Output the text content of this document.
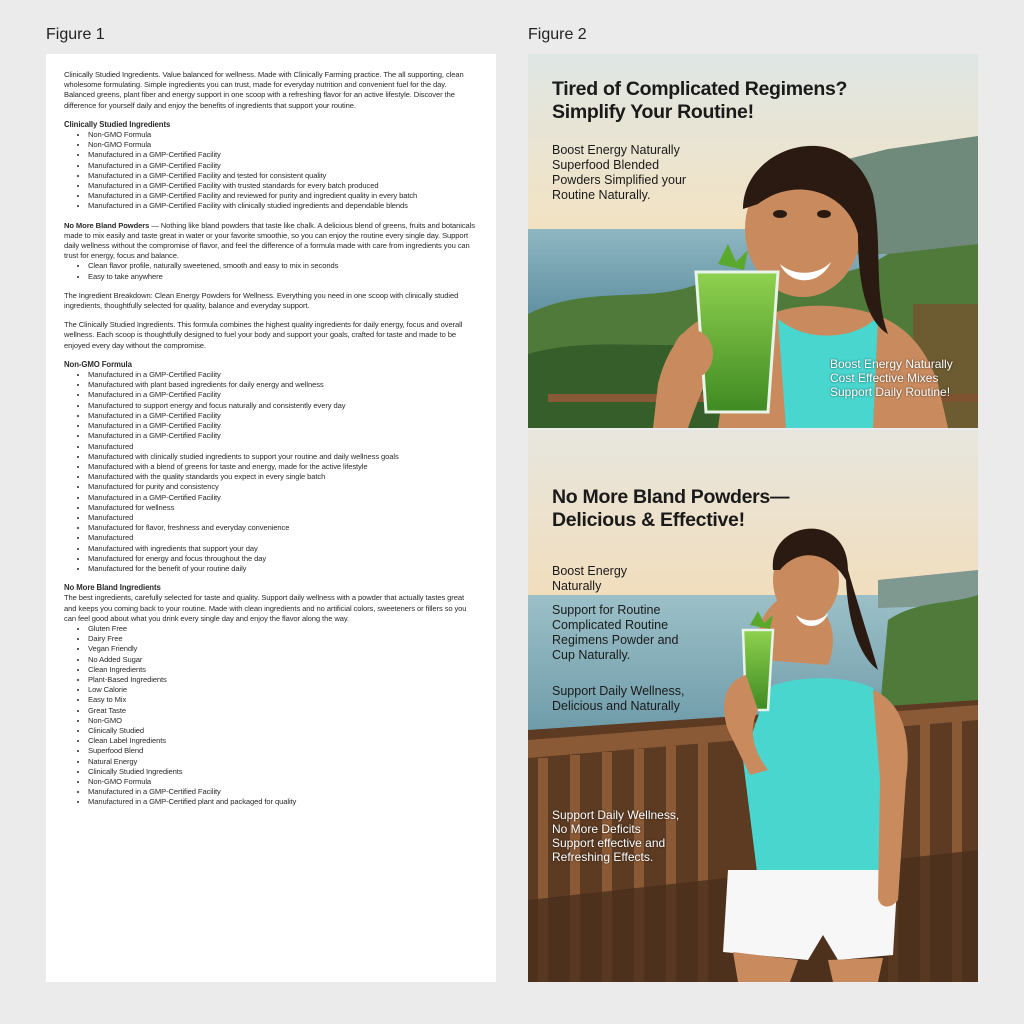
Figure 1	Figure 2

Clinically Studied Ingredients. Value balanced for wellness. Made with Clinically Farming practice. The all supporting, clean wholesome formulating. Simple ingredients you can trust, made for everyday nutrition and convenient fuel for the day. Balanced greens, plant fiber and energy support in one scoop with a refreshing flavor for an active lifestyle. Discover the difference for yourself daily and enjoy the benefits of ingredients that support your routine.

Clinically Studied Ingredients
• Non-GMO Formula
• Non-GMO Formula
• Manufactured in a GMP-Certified Facility
• Manufactured in a GMP-Certified Facility
• Manufactured in a GMP-Certified Facility and tested for consistent quality
• Manufactured in a GMP-Certified Facility with trusted standards for every batch produced
• Manufactured in a GMP-Certified Facility and reviewed for purity and ingredient quality in every batch
• Manufactured in a GMP-Certified Facility with clinically studied ingredients and dependable blends

No More Bland Powders — Nothing like bland powders that taste like chalk. A delicious blend of greens, fruits and botanicals made to mix easily and taste great in water or your favorite smoothie, so you can enjoy the routine every single day. Support daily wellness without the compromise of flavor, and feel the difference of a formula made with care from ingredients you can trust for energy, focus and balance.

• Clean flavor profile, naturally sweetened, smooth and easy to mix in seconds
• Easy to take anywhere

The Ingredient Breakdown: Clean Energy Powders for Wellness. Everything you need in one scoop with clinically studied ingredients, thoughtfully selected for quality, balance and everyday support.

The Clinically Studied Ingredients. This formula combines the highest quality ingredients for daily energy, focus and overall wellness. Each scoop is thoughtfully designed to fuel your body and support your goals, crafted for taste and made to be enjoyed every day without the compromise.

Non-GMO Formula
• Manufactured in a GMP-Certified Facility
• Manufactured with plant based ingredients for daily energy and wellness
• Manufactured in a GMP-Certified Facility
• Manufactured to support energy and focus naturally and consistently every day
• Manufactured in a GMP-Certified Facility
• Manufactured in a GMP-Certified Facility
• Manufactured in a GMP-Certified Facility
• Manufactured
• Manufactured with clinically studied ingredients to support your routine and daily wellness goals
• Manufactured with a blend of greens for taste and energy, made for the active lifestyle
• Manufactured with the quality standards you expect in every single batch
• Manufactured for purity and consistency
• Manufactured in a GMP-Certified Facility
• Manufactured for wellness
• Manufactured
• Manufactured for flavor, freshness and everyday convenience
• Manufactured
• Manufactured with ingredients that support your day
• Manufactured for energy and focus throughout the day
• Manufactured for the benefit of your routine daily
No More Bland Ingredients

The best ingredients, carefully selected for taste and quality. Support daily wellness with a powder that actually tastes great and keeps you coming back to your routine. Made with clean ingredients and no artificial colors, sweeteners or fillers so you can feel good about what you drink every single day and enjoy the flavor along the way.

• Gluten Free
• Dairy Free
• Vegan Friendly
• No Added Sugar
• Clean Ingredients
• Plant-Based Ingredients
• Low Calorie
• Easy to Mix
• Great Taste
• Non-GMO
• Clinically Studied
• Clean Label Ingredients
• Superfood Blend
• Natural Energy
• Clinically Studied Ingredients
• Non-GMO Formula
• Manufactured in a GMP-Certified Facility
• Manufactured in a GMP-Certified plant and packaged for quality
Tired of Complicated Regimens?
Simplify Your Routine!
Boost Energy Naturally
Superfood Blended
Powders Simplified your
Routine Naturally.
Boost Energy Naturally
Cost Effective Mixes
Support Daily Routine!
No More Bland Powders—
Delicious & Effective!
Boost Energy
Naturally
Support for Routine
Complicated Routine
Regimens Powder and
Cup Naturally.
Support Daily Wellness,
Delicious and Naturally
Support Daily Wellness,
No More Deficits
Support effective and
Refreshing Effects.
